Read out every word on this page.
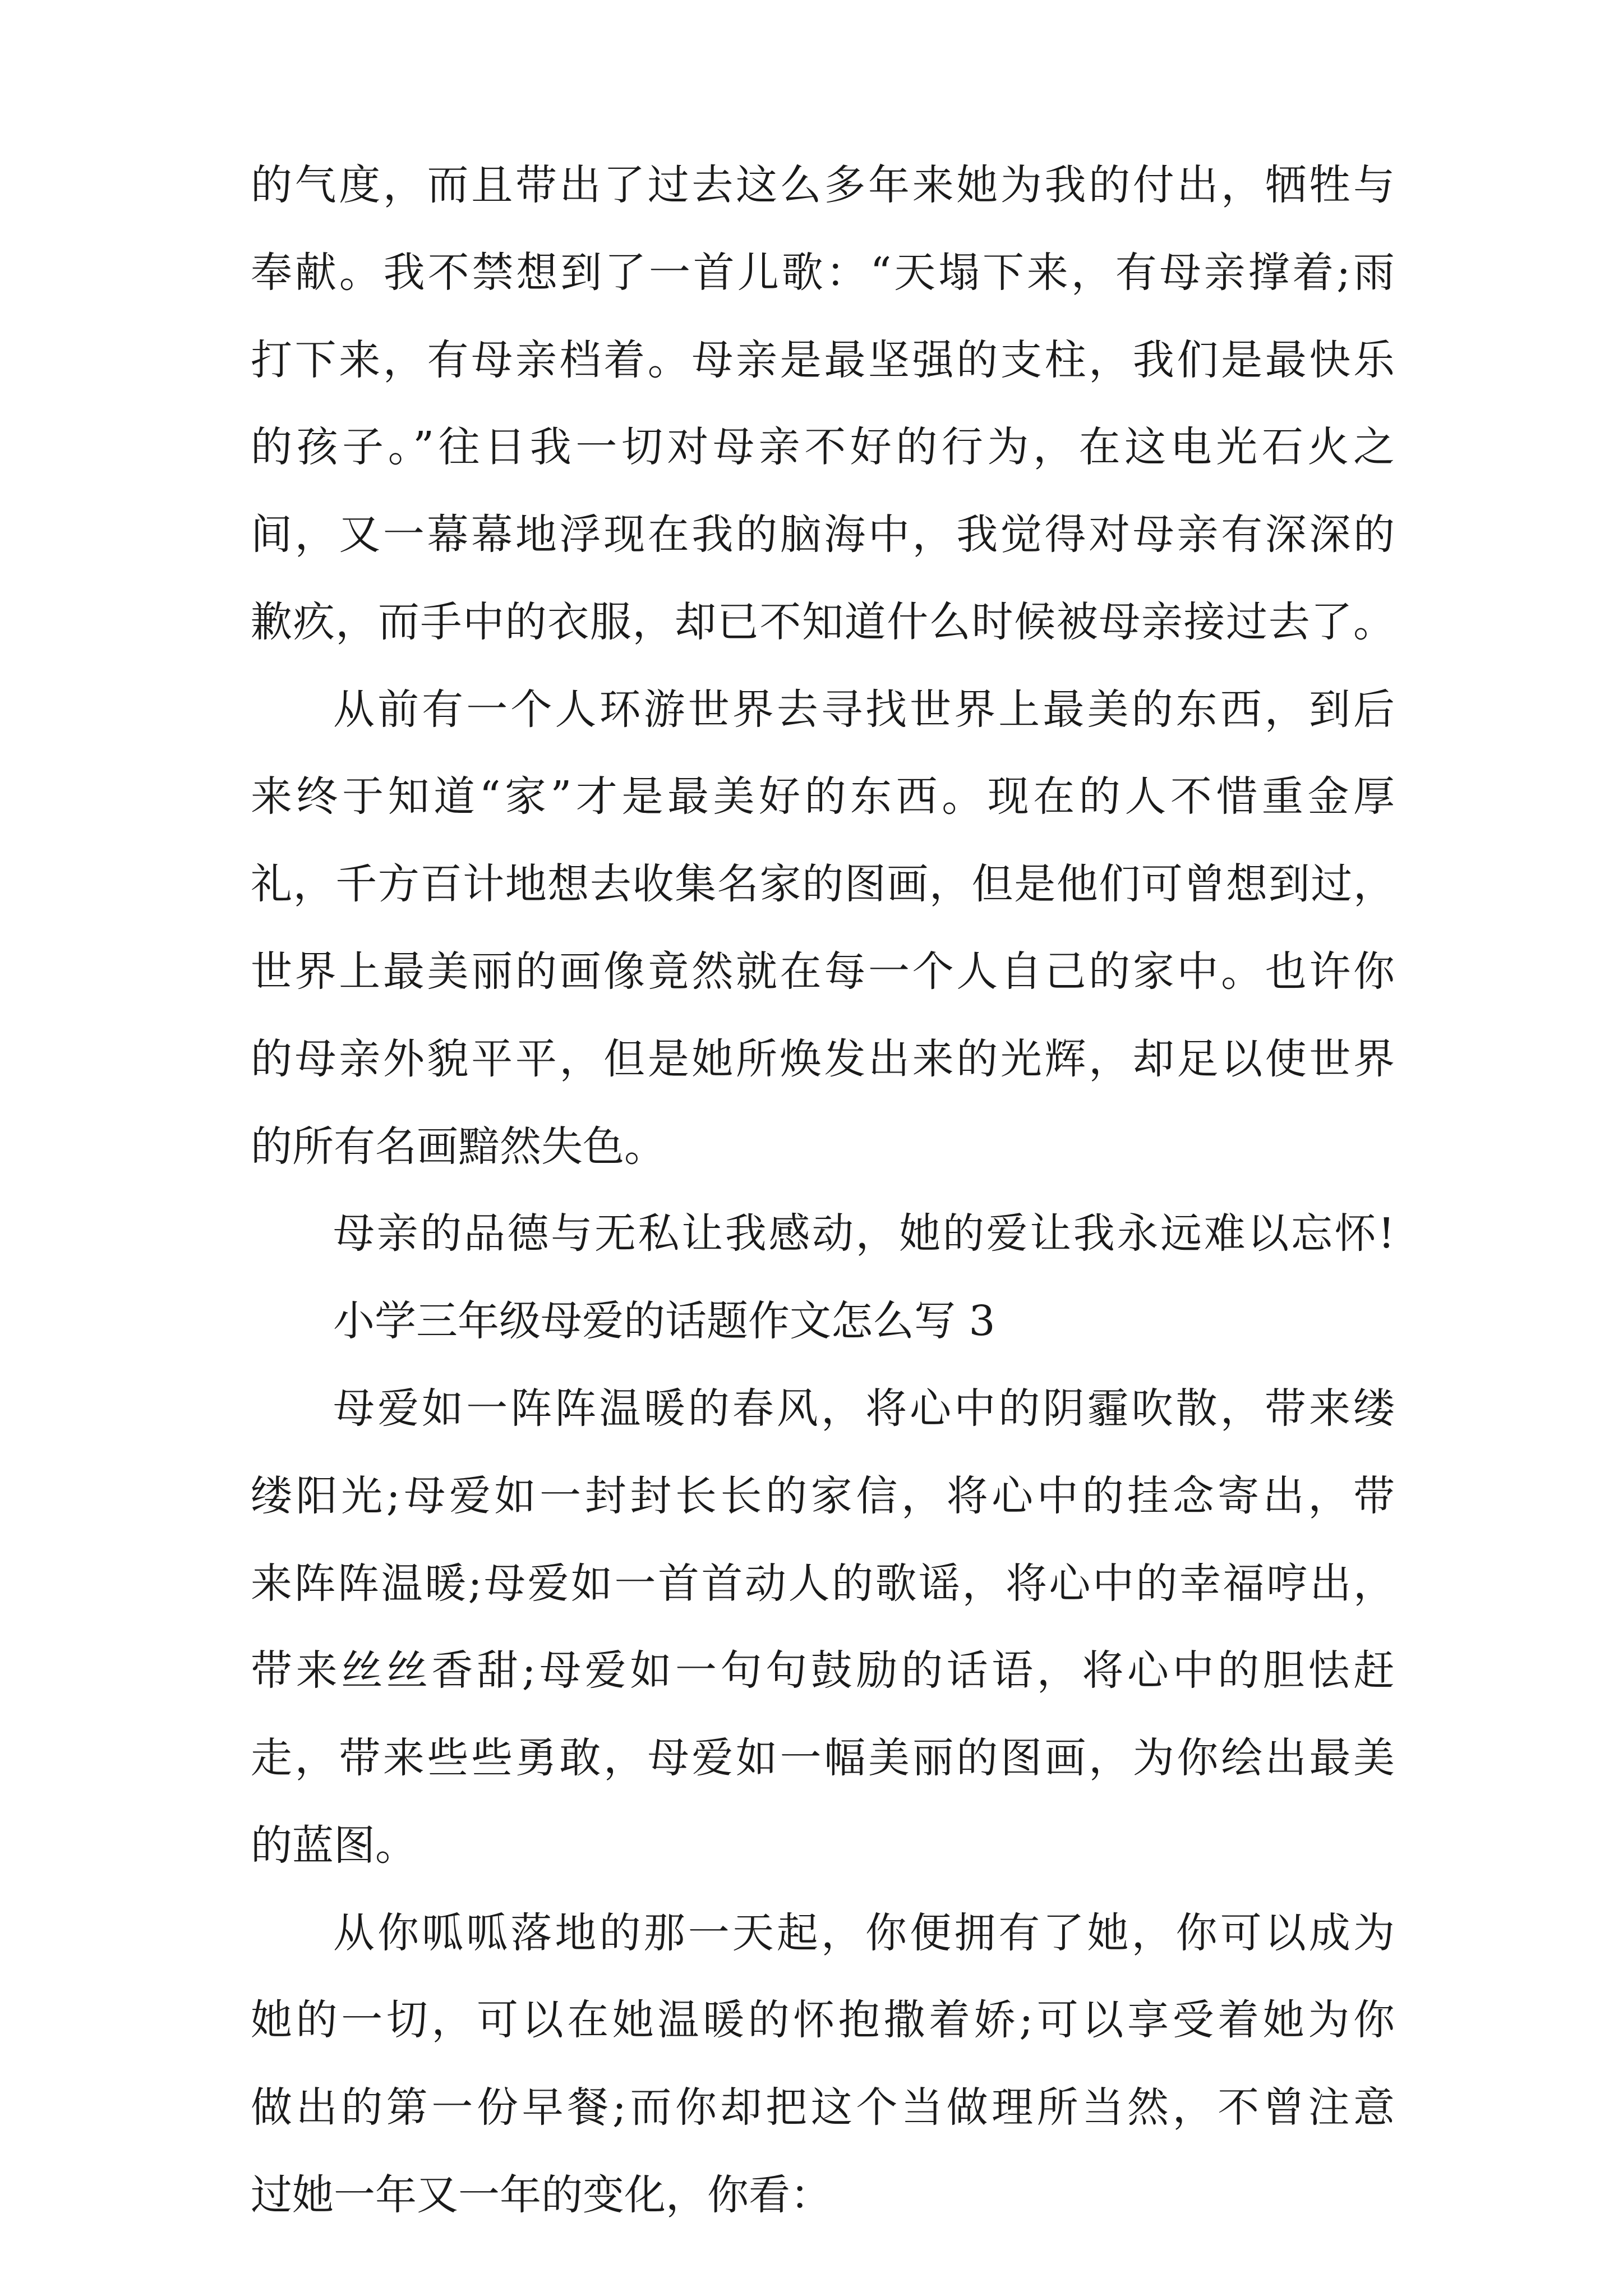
的气度，而且带出了过去这么多年来她为我的付出，牺牲与

奉献。我不禁想到了一首儿歌：“天塌下来，有母亲撑着;雨

打下来，有母亲档着。母亲是最坚强的支柱，我们是最快乐

的孩子。”往日我一切对母亲不好的行为，在这电光石火之

间，又一幕幕地浮现在我的脑海中，我觉得对母亲有深深的

歉疚，而手中的衣服，却已不知道什么时候被母亲接过去了。

从前有一个人环游世界去寻找世界上最美的东西，到后

来终于知道“家”才是最美好的东西。现在的人不惜重金厚

礼，千方百计地想去收集名家的图画，但是他们可曾想到过，

世界上最美丽的画像竟然就在每一个人自己的家中。也许你

的母亲外貌平平，但是她所焕发出来的光辉，却足以使世界

的所有名画黯然失色。

母亲的品德与无私让我感动，她的爱让我永远难以忘怀!

小学三年级母爱的话题作文怎么写 3

母爱如一阵阵温暖的春风，将心中的阴霾吹散，带来缕

缕阳光;母爱如一封封长长的家信，将心中的挂念寄出，带

来阵阵温暖;母爱如一首首动人的歌谣，将心中的幸福哼出，

带来丝丝香甜;母爱如一句句鼓励的话语，将心中的胆怯赶

走，带来些些勇敢，母爱如一幅美丽的图画，为你绘出最美

的蓝图。

从你呱呱落地的那一天起，你便拥有了她，你可以成为

她的一切，可以在她温暖的怀抱撒着娇;可以享受着她为你

做出的第一份早餐;而你却把这个当做理所当然，不曾注意

过她一年又一年的变化，你看：
